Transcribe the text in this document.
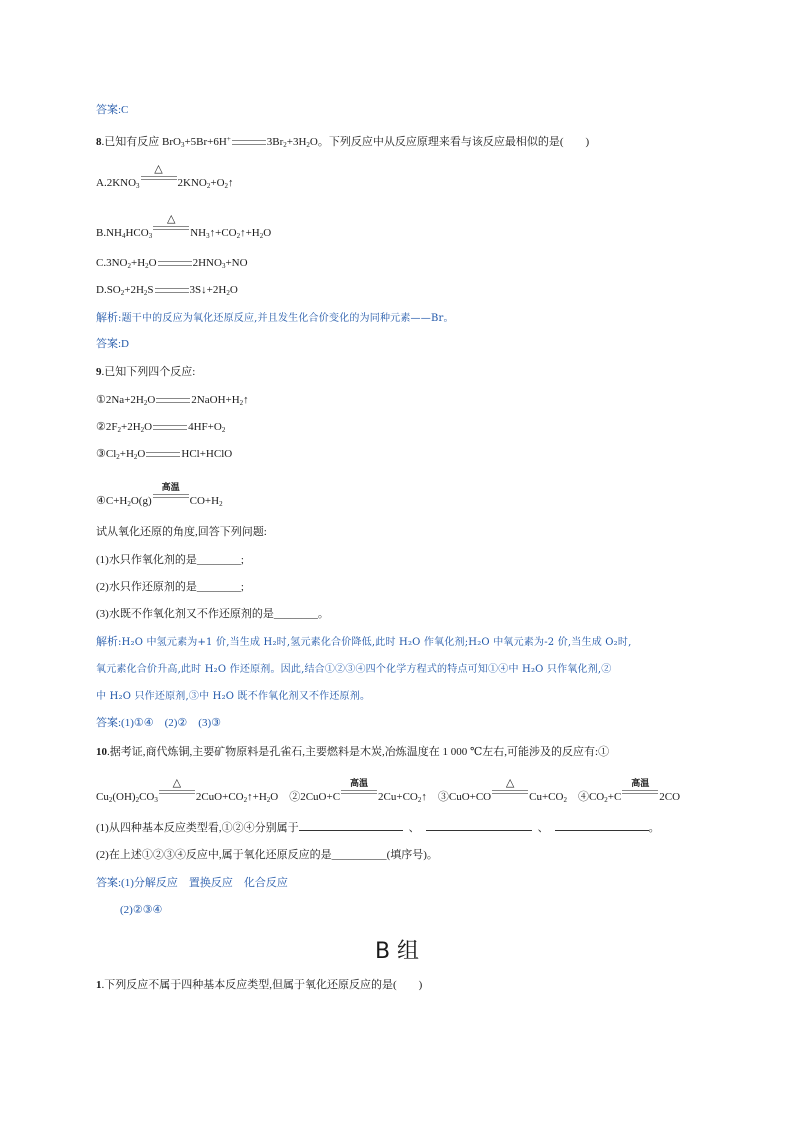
答案:C
8.已知有反应 BrO$_3$+5Br+6H+	$3Br_2+3H_2O$。下列反应中从反应原理来看与该反应最相似的是(　　)
$A.2KNO_3$
△
$2KNO_2+O_2↑$
$B.NH_4HCO_3$
△
$NH_3↑+CO_2↑+H_2O$
$C.3NO_2+H_2O$	$2HNO_3+NO$
$D.SO_2+2H_2S$	$3S↓+2H_2O$
解析:题干中的反应为氧化还原反应,并且发生化合价变化的为同种元素——Br。
答案:D
9.已知下列四个反应:
$①2Na+2H_2O$	$2NaOH+H_2↑$
$②2F_2+2H_2O$	$4HF+O_2$
$③Cl_2+H_2O$	HCl+HClO
$④C+H_2O(g)$
高温
$CO+H_2$
试从氧化还原的角度,回答下列问题:
(1)水只作氧化剂的是________;
(2)水只作还原剂的是________;
(3)水既不作氧化剂又不作还原剂的是________。
解析:H₂O 中氢元素为+1 价,当生成 H₂时,氢元素化合价降低,此时 H₂O 作氧化剂;H₂O 中氧元素为-2 价,当生成 O₂时,
氧元素化合价升高,此时 H₂O 作还原剂。因此,结合①②③④四个化学方程式的特点可知①④中 H₂O 只作氧化剂,②
中 H₂O 只作还原剂,③中 H₂O 既不作氧化剂又不作还原剂。
答案:(1)①④　(2)②　(3)③
10.据考证,商代炼铜,主要矿物原料是孔雀石,主要燃料是木炭,冶炼温度在 1 000 ℃左右,可能涉及的反应有:①
$Cu_2(OH)_2CO_3$
△
$2CuO+CO_2↑+H_2O$　②2CuO+C
高温
$2Cu+CO_2↑$　③CuO+CO
△
$Cu+CO_2$　$④CO_2+C$
高温
2CO
(1)从四种基本反应类型看,①②④分别属于	、	、	。
(2)在上述①②③④反应中,属于氧化还原反应的是__________(填序号)。
答案:(1)分解反应　置换反应　化合反应
(2)②③④
B 组
1.下列反应不属于四种基本反应类型,但属于氧化还原反应的是(　　)
